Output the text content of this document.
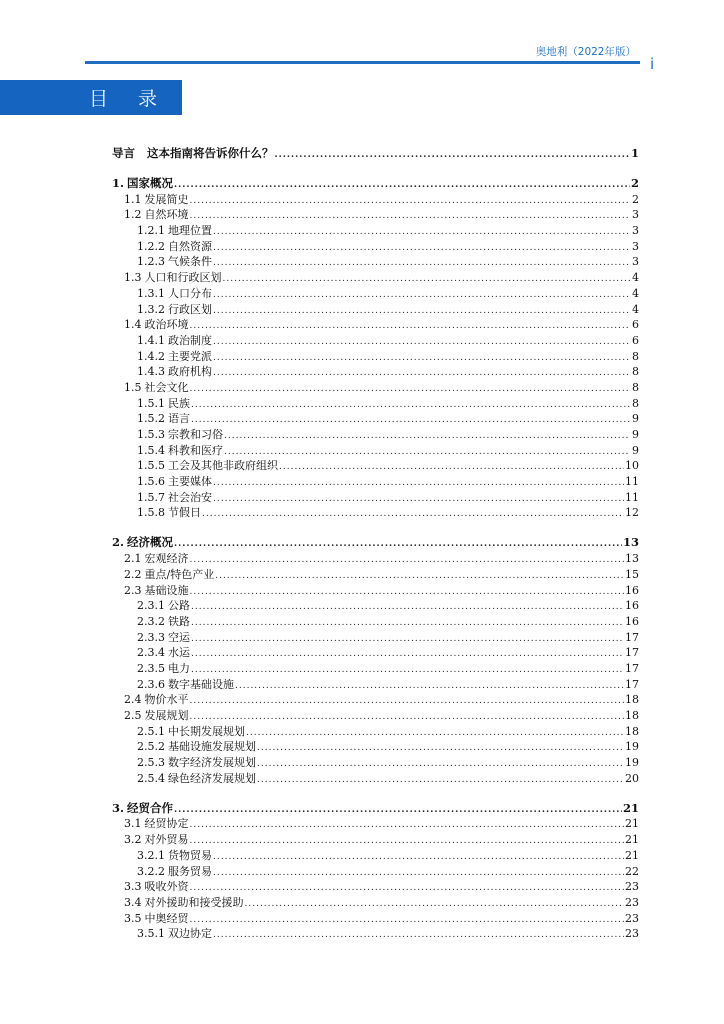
奥地利（2022年版）
i
目 录
导言 这本指南将告诉你什么？ .....	1
1. 国家概况 .....	2
1.1 发展简史 .....	2
1.2 自然环境 .....	3
1.2.1 地理位置 .....	3
1.2.2 自然资源 .....	3
1.2.3 气候条件 .....	3
1.3 人口和行政区划 .....	4
1.3.1 人口分布 .....	4
1.3.2 行政区划 .....	4
1.4 政治环境 .....	6
1.4.1 政治制度 .....	6
1.4.2 主要党派 .....	8
1.4.3 政府机构 .....	8
1.5 社会文化 .....	8
1.5.1 民族 .....	8
1.5.2 语言 .....	9
1.5.3 宗教和习俗 .....	9
1.5.4 科教和医疗 .....	9
1.5.5 工会及其他非政府组织 .....	10
1.5.6 主要媒体 .....	11
1.5.7 社会治安 .....	11
1.5.8 节假日 .....	12
2. 经济概况 .....	13
2.1 宏观经济 .....	13
2.2 重点/特色产业 .....	15
2.3 基础设施 .....	16
2.3.1 公路 .....	16
2.3.2 铁路 .....	16
2.3.3 空运 .....	17
2.3.4 水运 .....	17
2.3.5 电力 .....	17
2.3.6 数字基础设施 .....	17
2.4 物价水平 .....	18
2.5 发展规划 .....	18
2.5.1 中长期发展规划 .....	18
2.5.2 基础设施发展规划 .....	19
2.5.3 数字经济发展规划 .....	19
2.5.4 绿色经济发展规划 .....	20
3. 经贸合作 .....	21
3.1 经贸协定 .....	21
3.2 对外贸易 .....	21
3.2.1 货物贸易 .....	21
3.2.2 服务贸易 .....	22
3.3 吸收外资 .....	23
3.4 对外援助和接受援助 .....	23
3.5 中奥经贸 .....	23
3.5.1 双边协定 .....	23
